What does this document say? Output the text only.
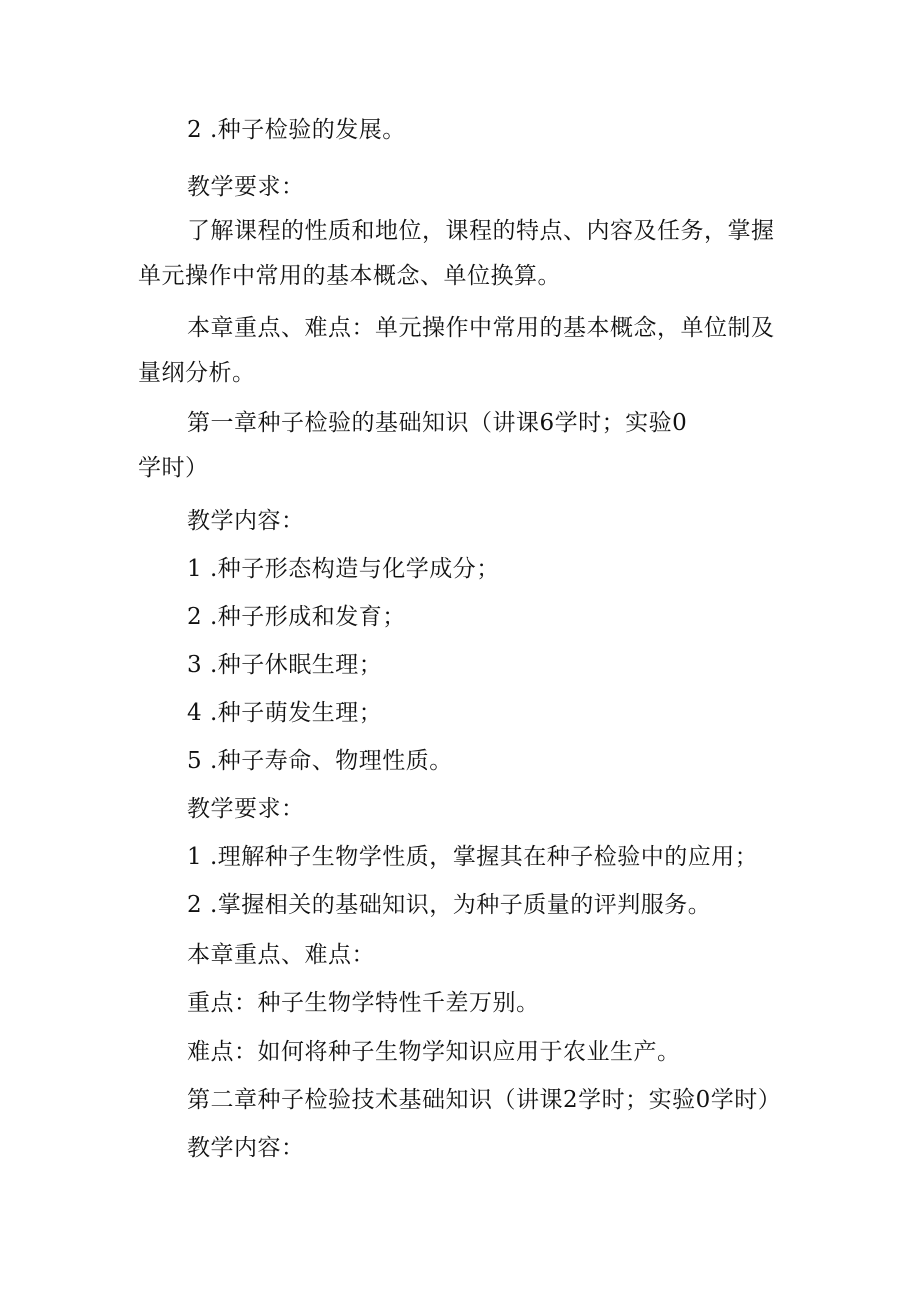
2 .种子检验的发展。
教学要求：
了解课程的性质和地位，课程的特点、内容及任务，掌握
单元操作中常用的基本概念、单位换算。
本章重点、难点：单元操作中常用的基本概念，单位制及
量纲分析。
第一章种子检验的基础知识（讲课6学时；实验0
学时）
教学内容：
1 .种子形态构造与化学成分；
2 .种子形成和发育；
3 .种子休眠生理；
4 .种子萌发生理；
5 .种子寿命、物理性质。
教学要求：
1 .理解种子生物学性质，掌握其在种子检验中的应用；
2 .掌握相关的基础知识，为种子质量的评判服务。
本章重点、难点：
重点：种子生物学特性千差万别。
难点：如何将种子生物学知识应用于农业生产。
第二章种子检验技术基础知识（讲课2学时；实验0学时）
教学内容：
